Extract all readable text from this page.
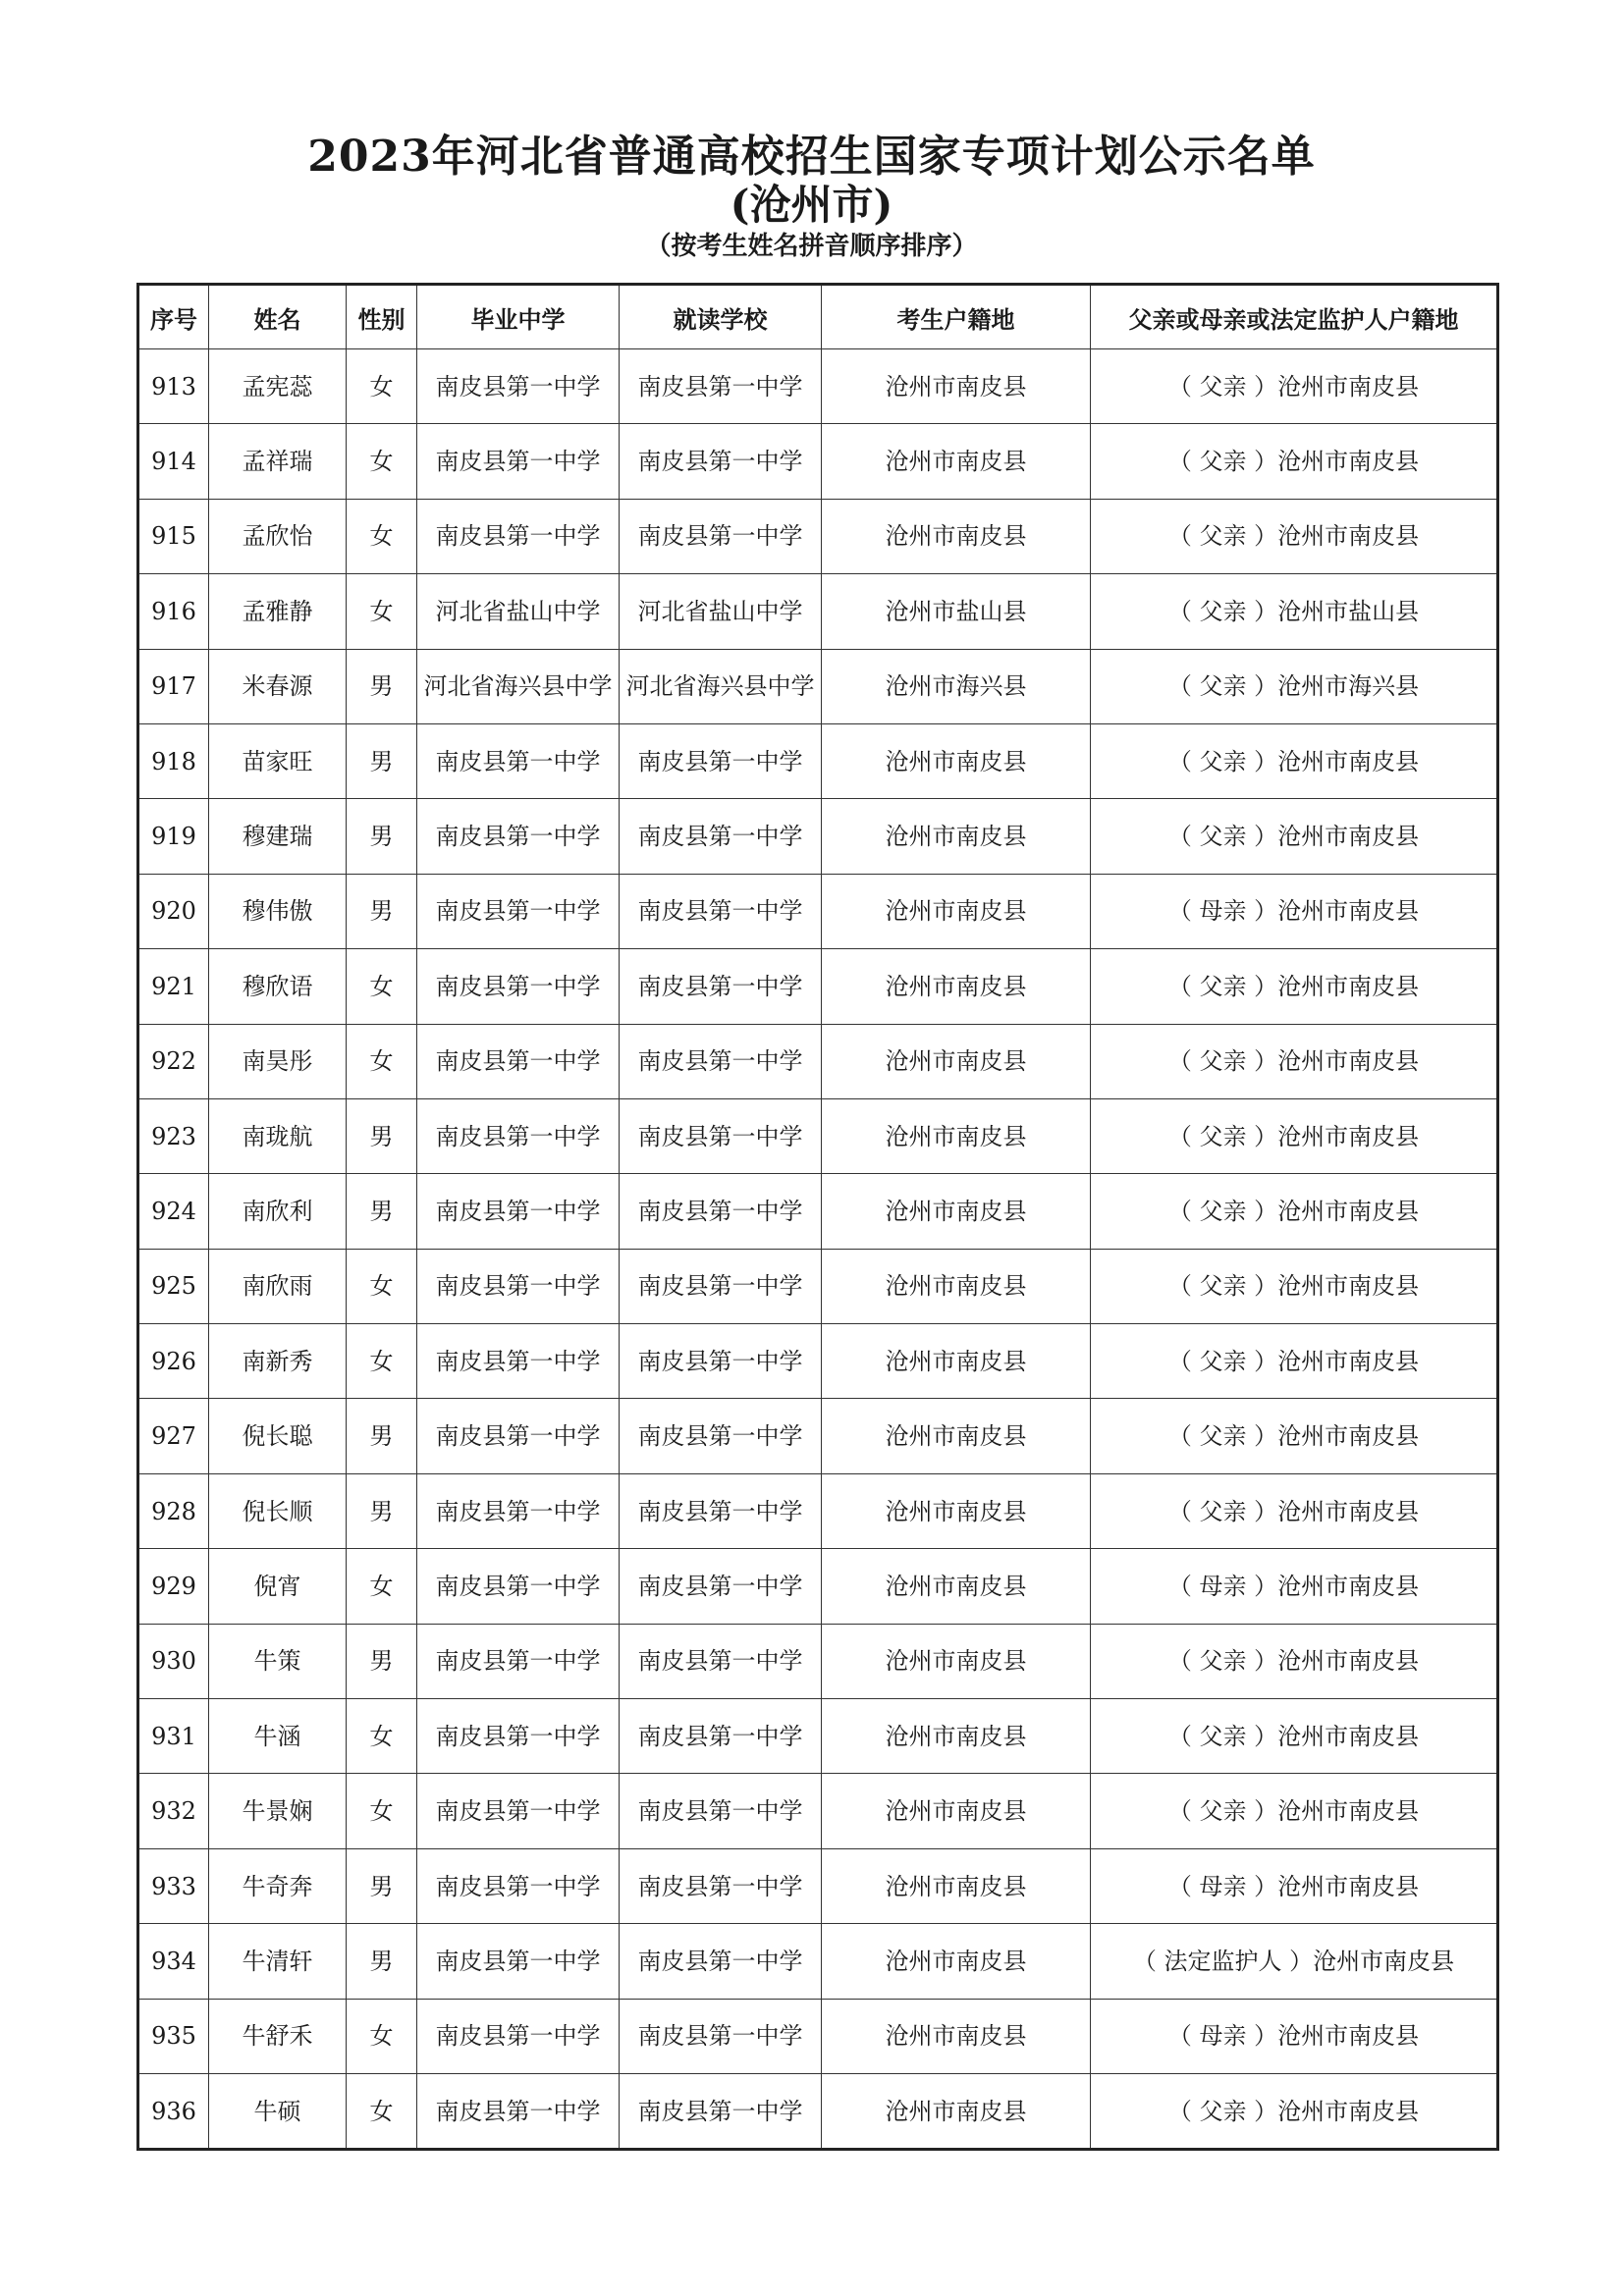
2023年河北省普通高校招生国家专项计划公示名单
(沧州市)
（按考生姓名拼音顺序排序）
序号	姓名	性别	毕业中学	就读学校	考生户籍地	父亲或母亲或法定监护人户籍地
913	孟宪蕊	女	南皮县第一中学	南皮县第一中学	沧州市南皮县	（ 父亲 ）沧州市南皮县
914	孟祥瑞	女	南皮县第一中学	南皮县第一中学	沧州市南皮县	（ 父亲 ）沧州市南皮县
915	孟欣怡	女	南皮县第一中学	南皮县第一中学	沧州市南皮县	（ 父亲 ）沧州市南皮县
916	孟雅静	女	河北省盐山中学	河北省盐山中学	沧州市盐山县	（ 父亲 ）沧州市盐山县
917	米春源	男	河北省海兴县中学	河北省海兴县中学	沧州市海兴县	（ 父亲 ）沧州市海兴县
918	苗家旺	男	南皮县第一中学	南皮县第一中学	沧州市南皮县	（ 父亲 ）沧州市南皮县
919	穆建瑞	男	南皮县第一中学	南皮县第一中学	沧州市南皮县	（ 父亲 ）沧州市南皮县
920	穆伟傲	男	南皮县第一中学	南皮县第一中学	沧州市南皮县	（ 母亲 ）沧州市南皮县
921	穆欣语	女	南皮县第一中学	南皮县第一中学	沧州市南皮县	（ 父亲 ）沧州市南皮县
922	南昊彤	女	南皮县第一中学	南皮县第一中学	沧州市南皮县	（ 父亲 ）沧州市南皮县
923	南珑航	男	南皮县第一中学	南皮县第一中学	沧州市南皮县	（ 父亲 ）沧州市南皮县
924	南欣利	男	南皮县第一中学	南皮县第一中学	沧州市南皮县	（ 父亲 ）沧州市南皮县
925	南欣雨	女	南皮县第一中学	南皮县第一中学	沧州市南皮县	（ 父亲 ）沧州市南皮县
926	南新秀	女	南皮县第一中学	南皮县第一中学	沧州市南皮县	（ 父亲 ）沧州市南皮县
927	倪长聪	男	南皮县第一中学	南皮县第一中学	沧州市南皮县	（ 父亲 ）沧州市南皮县
928	倪长顺	男	南皮县第一中学	南皮县第一中学	沧州市南皮县	（ 父亲 ）沧州市南皮县
929	倪宵	女	南皮县第一中学	南皮县第一中学	沧州市南皮县	（ 母亲 ）沧州市南皮县
930	牛策	男	南皮县第一中学	南皮县第一中学	沧州市南皮县	（ 父亲 ）沧州市南皮县
931	牛涵	女	南皮县第一中学	南皮县第一中学	沧州市南皮县	（ 父亲 ）沧州市南皮县
932	牛景娴	女	南皮县第一中学	南皮县第一中学	沧州市南皮县	（ 父亲 ）沧州市南皮县
933	牛奇奔	男	南皮县第一中学	南皮县第一中学	沧州市南皮县	（ 母亲 ）沧州市南皮县
934	牛清轩	男	南皮县第一中学	南皮县第一中学	沧州市南皮县	（ 法定监护人 ）沧州市南皮县
935	牛舒禾	女	南皮县第一中学	南皮县第一中学	沧州市南皮县	（ 母亲 ）沧州市南皮县
936	牛硕	女	南皮县第一中学	南皮县第一中学	沧州市南皮县	（ 父亲 ）沧州市南皮县
